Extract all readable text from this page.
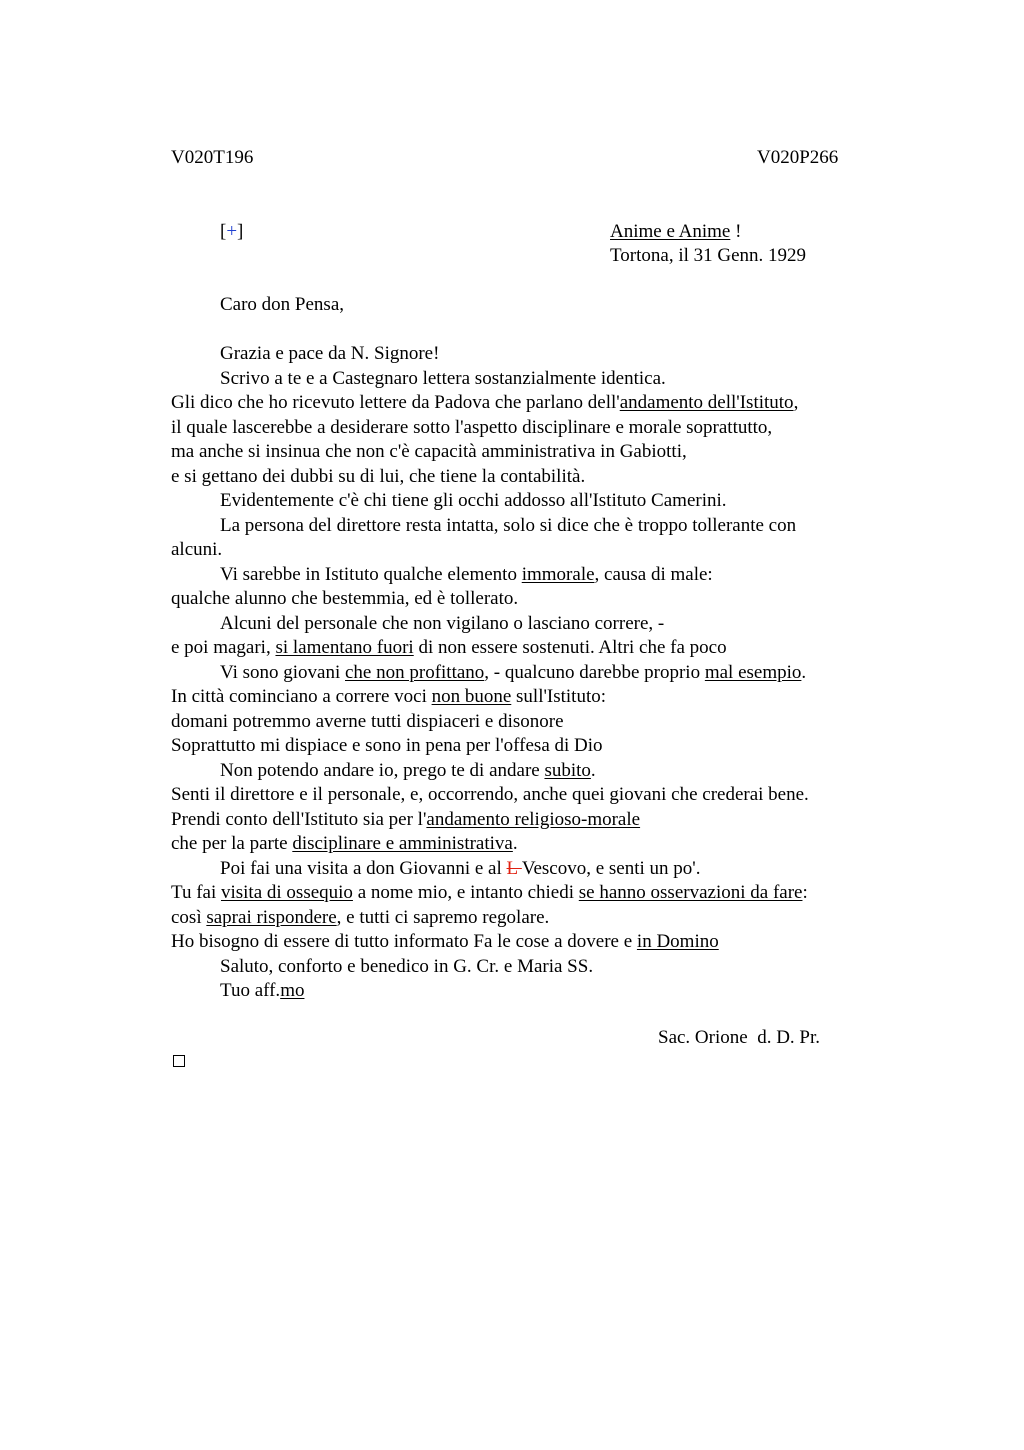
V020T196	V020P266
[+]	Anime e Anime !
Tortona, il 31 Genn. 1929
Caro don Pensa,
Grazia e pace da N. Signore!
Scrivo a te e a Castegnaro lettera sostanzialmente identica.
Gli dico che ho ricevuto lettere da Padova che parlano dell'andamento dell'Istituto,
il quale lascerebbe a desiderare sotto l'aspetto disciplinare e morale soprattutto,
ma anche si insinua che non c'è capacità amministrativa in Gabiotti,
e si gettano dei dubbi su di lui, che tiene la contabilità.
Evidentemente c'è chi tiene gli occhi addosso all'Istituto Camerini.
La persona del direttore resta intatta, solo si dice che è troppo tollerante con
alcuni.
Vi sarebbe in Istituto qualche elemento immorale, causa di male:
qualche alunno che bestemmia, ed è tollerato.
Alcuni del personale che non vigilano o lasciano correre, -
e poi magari, si lamentano fuori di non essere sostenuti. Altri che fa poco
Vi sono giovani che non profittano, - qualcuno darebbe proprio mal esempio.
In città cominciano a correre voci non buone sull'Istituto:
domani potremmo averne tutti dispiaceri e disonore
Soprattutto mi dispiace e sono in pena per l'offesa di Dio
Non potendo andare io, prego te di andare subito.
Senti il direttore e il personale, e, occorrendo, anche quei giovani che crederai bene.
Prendi conto dell'Istituto sia per l'andamento religioso-morale
che per la parte disciplinare e amministrativa.
Poi fai una visita a don Giovanni e al L Vescovo, e senti un po'.
Tu fai visita di ossequio a nome mio, e intanto chiedi se hanno osservazioni da fare:
così saprai rispondere, e tutti ci sapremo regolare.
Ho bisogno di essere di tutto informato Fa le cose a dovere e in Domino
Saluto, conforto e benedico in G. Cr. e Maria SS.
Tuo aff.mo
Sac. Orione  d. D. Pr.
